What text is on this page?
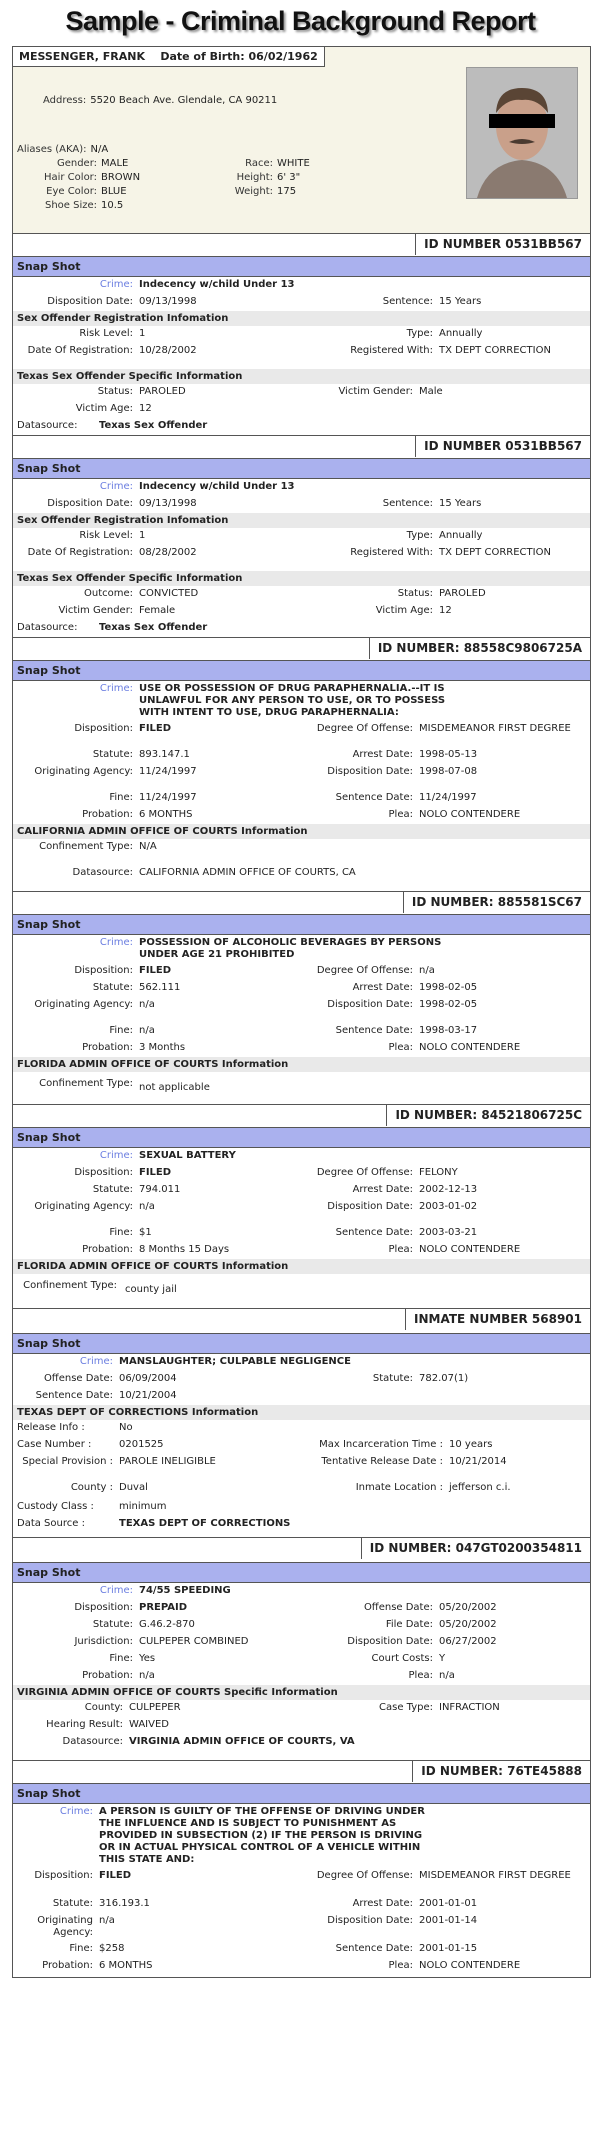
Sample - Criminal Background Report
MESSENGER, FRANK Date of Birth: 06/02/1962
Address: 5520 Beach Ave. Glendale, CA 90211
Aliases (AKA): N/A
Gender: MALE	Race: WHITE
Hair Color: BROWN	Height: 6' 3"
Eye Color: BLUE	Weight: 175
Shoe Size: 10.5
ID NUMBER 0531BB567
Snap Shot
Crime: Indecency w/child Under 13
Disposition Date: 09/13/1998	Sentence: 15 Years
Sex Offender Registration Infomation
Risk Level: 1	Type: Annually
Date Of Registration: 10/28/2002	Registered With: TX DEPT CORRECTION
Texas Sex Offender Specific Information
Status: PAROLED	Victim Gender: Male
Victim Age: 12
Datasource: Texas Sex Offender
ID NUMBER 0531BB567
Snap Shot
Crime: Indecency w/child Under 13
Disposition Date: 09/13/1998	Sentence: 15 Years
Sex Offender Registration Infomation
Risk Level: 1	Type: Annually
Date Of Registration: 08/28/2002	Registered With: TX DEPT CORRECTION
Texas Sex Offender Specific Information
Outcome: CONVICTED	Status: PAROLED
Victim Gender: Female	Victim Age: 12
Datasource: Texas Sex Offender
ID NUMBER: 88558C9806725A
Snap Shot
Crime: USE OR POSSESSION OF DRUG PARAPHERNALIA.--IT IS UNLAWFUL FOR ANY PERSON TO USE, OR TO POSSESS WITH INTENT TO USE, DRUG PARAPHERNALIA:
Disposition: FILED	Degree Of Offense: MISDEMEANOR FIRST DEGREE
Statute: 893.147.1	Arrest Date: 1998-05-13
Originating Agency: 11/24/1997	Disposition Date: 1998-07-08
Fine: 11/24/1997	Sentence Date: 11/24/1997
Probation: 6 MONTHS	Plea: NOLO CONTENDERE
CALIFORNIA ADMIN OFFICE OF COURTS Information
Confinement Type: N/A
Datasource: CALIFORNIA ADMIN OFFICE OF COURTS, CA
ID NUMBER: 885581SC67
Snap Shot
Crime: POSSESSION OF ALCOHOLIC BEVERAGES BY PERSONS UNDER AGE 21 PROHIBITED
Disposition: FILED	Degree Of Offense: n/a
Statute: 562.111	Arrest Date: 1998-02-05
Originating Agency: n/a	Disposition Date: 1998-02-05
Fine: n/a	Sentence Date: 1998-03-17
Probation: 3 Months	Plea: NOLO CONTENDERE
FLORIDA ADMIN OFFICE OF COURTS Information
Confinement Type: not applicable
ID NUMBER: 84521806725C
Snap Shot
Crime: SEXUAL BATTERY
Disposition: FILED	Degree Of Offense: FELONY
Statute: 794.011	Arrest Date: 2002-12-13
Originating Agency: n/a	Disposition Date: 2003-01-02
Fine: $1	Sentence Date: 2003-03-21
Probation: 8 Months 15 Days	Plea: NOLO CONTENDERE
FLORIDA ADMIN OFFICE OF COURTS Information
Confinement Type: county jail
INMATE NUMBER 568901
Snap Shot
Crime: MANSLAUGHTER; CULPABLE NEGLIGENCE
Offense Date: 06/09/2004	Statute: 782.07(1)
Sentence Date: 10/21/2004
TEXAS DEPT OF CORRECTIONS Information
Release Info :	No
Case Number :	0201525	Max Incarceration Time : 10 years
Special Provision : PAROLE INELIGIBLE	Tentative Release Date : 10/21/2014
County : Duval	Inmate Location : jefferson c.i.
Custody Class :	minimum
Data Source :	TEXAS DEPT OF CORRECTIONS
ID NUMBER: 047GT0200354811
Snap Shot
Crime: 74/55 SPEEDING
Disposition: PREPAID	Offense Date: 05/20/2002
Statute: G.46.2-870	File Date: 05/20/2002
Jurisdiction: CULPEPER COMBINED	Disposition Date: 06/27/2002
Fine: Yes	Court Costs: Y
Probation: n/a	Plea: n/a
VIRGINIA ADMIN OFFICE OF COURTS Specific Information
County: CULPEPER	Case Type: INFRACTION
Hearing Result: WAIVED
Datasource: VIRGINIA ADMIN OFFICE OF COURTS, VA
ID NUMBER: 76TE45888
Snap Shot
Crime: A PERSON IS GUILTY OF THE OFFENSE OF DRIVING UNDER THE INFLUENCE AND IS SUBJECT TO PUNISHMENT AS PROVIDED IN SUBSECTION (2) IF THE PERSON IS DRIVING OR IN ACTUAL PHYSICAL CONTROL OF A VEHICLE WITHIN THIS STATE AND:
Disposition: FILED	Degree Of Offense: MISDEMEANOR FIRST DEGREE
Statute: 316.193.1	Arrest Date: 2001-01-01
Originating Agency:
n/a	Disposition Date: 2001-01-14
Fine: $258	Sentence Date: 2001-01-15
Probation: 6 MONTHS	Plea: NOLO CONTENDERE
